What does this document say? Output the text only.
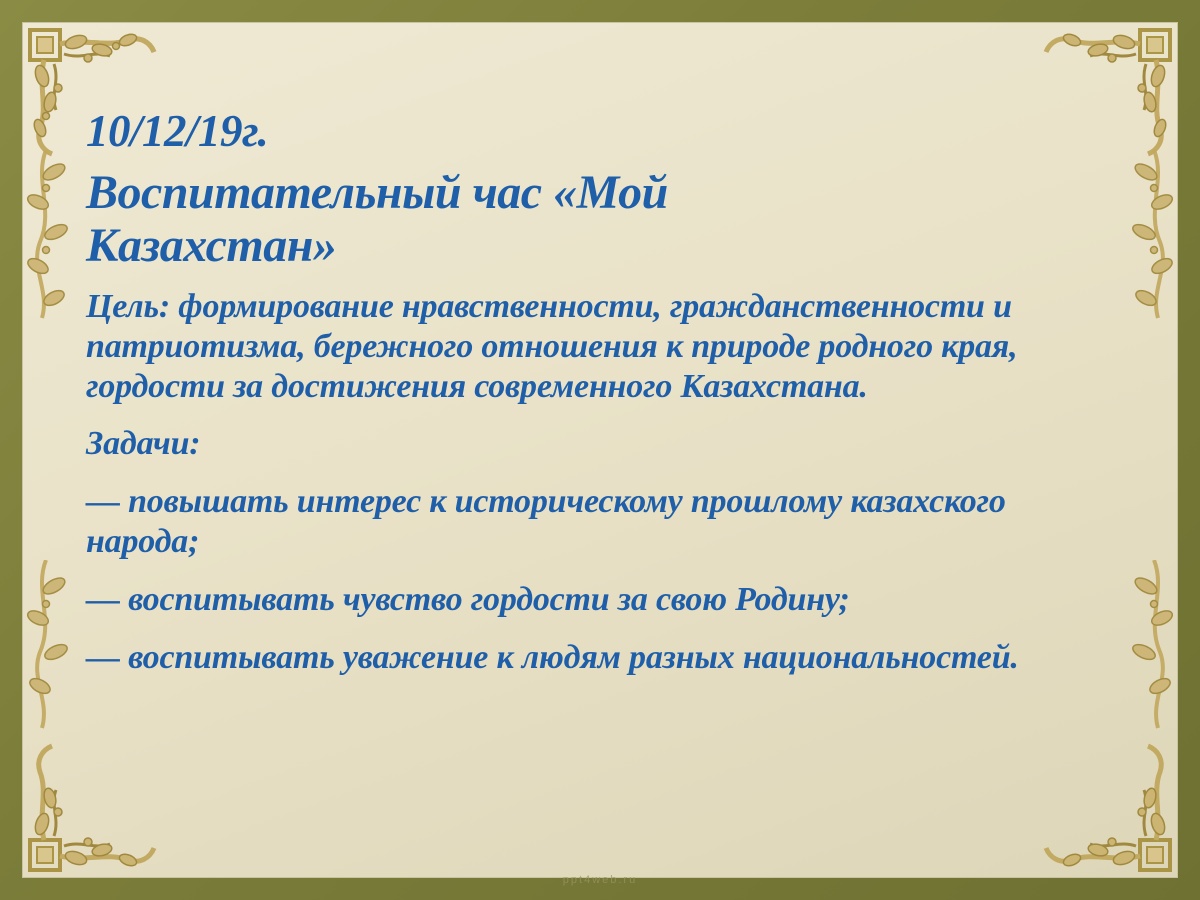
10/12/19г.

Воспитательный час «Мой Казахстан»

Цель: формирование нравственности, гражданственности и патриотизма, бережного отношения к природе родного края, гордости за достижения современного Казахстана.

Задачи:

— повышать интерес к историческому прошлому казахского народа;

— воспитывать чувство гордости за свою Родину;

— воспитывать уважение к людям разных национальностей.

ppt4web.ru
